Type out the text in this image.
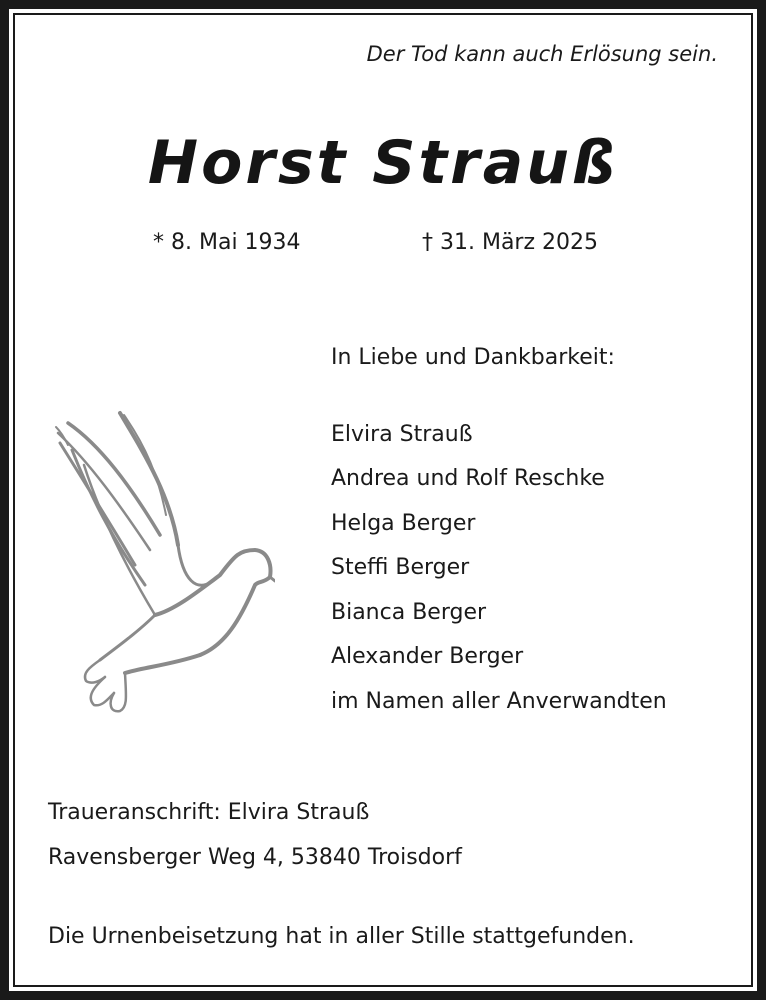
Der Tod kann auch Erlösung sein.
Horst Strauß
* 8. Mai 1934	† 31. März 2025
In Liebe und Dankbarkeit:
Elvira Strauß
Andrea und Rolf Reschke
Helga Berger
Steffi Berger
Bianca Berger
Alexander Berger
im Namen aller Anverwandten
Traueranschrift: Elvira Strauß
Ravensberger Weg 4, 53840 Troisdorf
Die Urnenbeisetzung hat in aller Stille stattgefunden.
